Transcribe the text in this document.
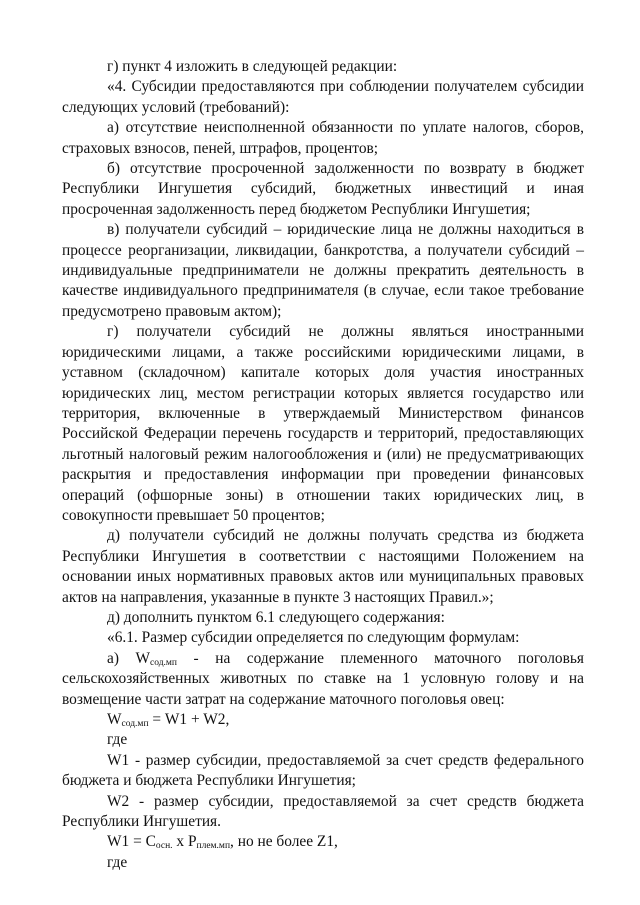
г) пункт 4 изложить в следующей редакции:

«4. Субсидии предоставляются при соблюдении получателем субсидии следующих условий (требований):

а) отсутствие неисполненной обязанности по уплате налогов, сборов, страховых взносов, пеней, штрафов, процентов;

б) отсутствие просроченной задолженности по возврату в бюджет Республики Ингушетия субсидий, бюджетных инвестиций и иная просроченная задолженность перед бюджетом Республики Ингушетия;

в) получатели субсидий – юридические лица не должны находиться в процессе реорганизации, ликвидации, банкротства, а получатели субсидий – индивидуальные предприниматели не должны прекратить деятельность в качестве индивидуального предпринимателя (в случае, если такое требование предусмотрено правовым актом);

г) получатели субсидий не должны являться иностранными юридическими лицами, а также российскими юридическими лицами, в уставном (складочном) капитале которых доля участия иностранных юридических лиц, местом регистрации которых является государство или территория, включенные в утверждаемый Министерством финансов Российской Федерации перечень государств и территорий, предоставляющих льготный налоговый режим налогообложения и (или) не предусматривающих раскрытия и предоставления информации при проведении финансовых операций (офшорные зоны) в отношении таких юридических лиц, в совокупности превышает 50 процентов;

д) получатели субсидий не должны получать средства из бюджета Республики Ингушетия в соответствии с настоящими Положением на основании иных нормативных правовых актов или муниципальных правовых актов на направления, указанные в пункте 3 настоящих Правил.»;

д) дополнить пунктом 6.1 следующего содержания:

«6.1. Размер субсидии определяется по следующим формулам:

а) $W_{сод.мп}$ - на содержание племенного маточного поголовья сельскохозяйственных животных по ставке на 1 условную голову и на возмещение части затрат на содержание маточного поголовья овец:

$W_{сод.мп} = W1 + W2$,

где

W1 - размер субсидии, предоставляемой за счет средств федерального бюджета и бюджета Республики Ингушетия;

W2 - размер субсидии, предоставляемой за счет средств бюджета Республики Ингушетия.

$W1 = C_{осн.}$ х $P_{плем.мп}$, но не более Z1,

где
